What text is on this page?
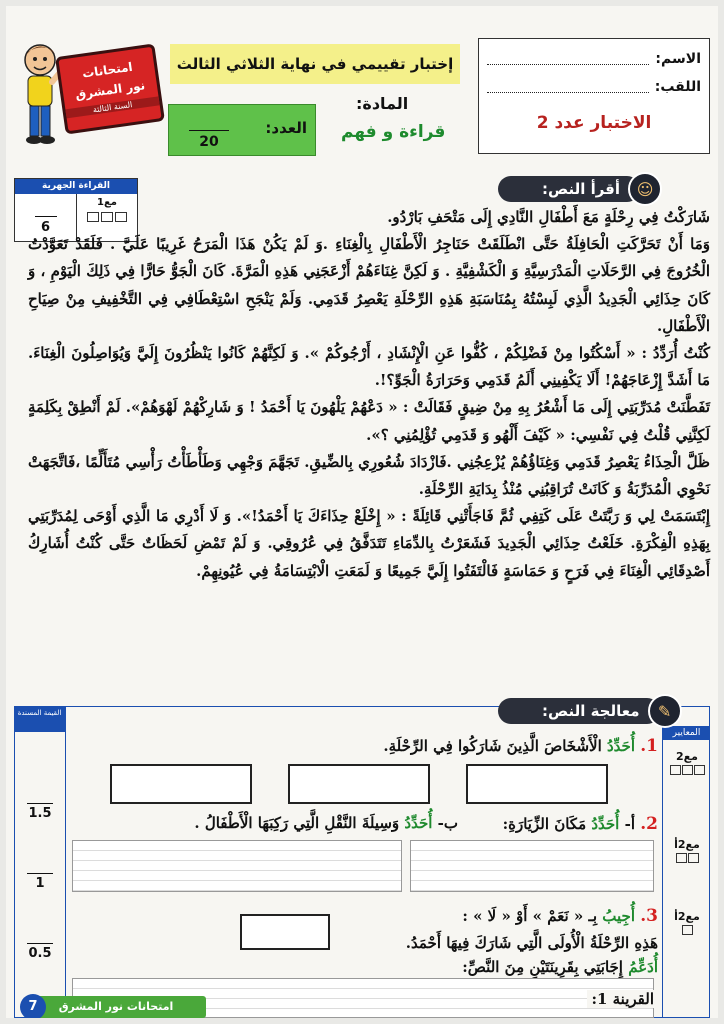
امتحانات
نور المشرق
السنة الثالثة
إختبار تقييمي في نهاية الثلاثي الثالث
المادة:
قراءة و فهم
العدد:

20
الاسم:
اللقب:
الاختبار عدد 2
☺
أقرأ النص:
القراءة الجهرية

6
مع1

شَارَكْتُ فِي رِحْلَةٍ مَعَ أَطْفَالِ النَّادِي إِلَى مَتْحَفِ بَارْدُو.

وَمَا أَنْ تَحَرَّكَتِ الْحَافِلَةُ حَتَّى انْطَلَقَتْ حَنَاجِرُ الْأَطْفَالِ بِالْغِنَاءِ .وَ لَمْ يَكُنْ هَذَا الْمَرَحُ غَرِيبًا عَلَيَّ . فَلَقَدْ تَعَوَّدْتُ الْخُرُوجَ فِي الرَّحَلَاتِ الْمَدْرَسِيَّةِ وَ الْكَشْفِيَّةِ . وَ لَكِنَّ غِنَاءَهُمْ أَزْعَجَنِي هَذِهِ الْمَرَّةَ. كَانَ الْجَوُّ حَارًّا فِي ذَلِكَ الْيَوْمِ ، وَ كَانَ حِذَائِي الْجَدِيدُ الَّذِي لَبِسْتُهُ بِمُنَاسَبَةِ هَذِهِ الرِّحْلَةِ يَعْصِرُ قَدَمِي. وَلَمْ يَنْجَحِ اسْتِعْطَافِي فِي التَّخْفِيفِ مِنْ صِيَاحِ الْأَطْفَالِ.

كُنْتُ أُرَدِّدُ : « أَسْكُتُوا مِنْ فَضْلِكُمْ ، كُفُّوا عَنِ الْإِنْشَادِ ، أَرْجُوكُمْ ». وَ لَكِنَّهُمْ كَانُوا يَنْظُرُونَ إِلَيَّ وَيُوَاصِلُونَ الْغِنَاءَ. مَا أَشَدَّ إِزْعَاجَهُمْ! أَلَا يَكْفِينِي أَلَمُ قَدَمِي وَحَرَارَةُ الْجَوِّ؟!.

تَفَطَّنَتْ مُدَرِّبَتِي إِلَى مَا أَشْعُرُ بِهِ مِنْ ضِيقٍ فَقَالَتْ : « دَعْهُمْ يَلْهُونَ يَا أَحْمَدُ ! وَ شَارِكْهُمْ لَهْوَهُمْ». لَمْ أَنْطِقْ بِكَلِمَةٍ لَكِنَّنِي قُلْتُ فِي نَفْسِي: « كَيْفَ أَلْهُو وَ قَدَمِي تُؤْلِمُنِي ؟».

ظَلَّ الْحِذَاءُ يَعْصِرُ قَدَمِي وَغِنَاؤُهُمْ يُزْعِجُنِي .فَازْدَادَ شُعُورِي بِالضِّيقِ. تَجَهَّمَ وَجْهِي وَطَأْطَأْتُ رَأْسِي مُتَأَلِّمًا ،فَاتَّجَهَتْ نَحْوِي الْمُدَرِّبَةُ وَ كَانَتْ تُرَاقِبُنِي مُنْذُ بِدَايَةِ الرِّحْلَةِ.

إِبْتَسَمَتْ لِي وَ رَبَّتَتْ عَلَى كَتِفِي ثُمَّ فَاجَأَتْنِي قَائِلَةً : « إِخْلَعْ حِذَاءَكَ يَا أَحْمَدُ!». وَ لَا أَدْرِي مَا الَّذِي أَوْحَى لِمُدَرِّبَتِي بِهَذِهِ الْفِكْرَةِ. خَلَعْتُ حِذَائِي الْجَدِيدَ فَشَعَرْتُ بِالدِّمَاءِ تَتَدَفَّقُ فِي عُرُوقِي. وَ لَمْ تَمْضِ لَحَظَاتٌ حَتَّى كُنْتُ أُشَارِكُ أَصْدِقَائِي الْغِنَاءَ فِي فَرَحٍ وَ حَمَاسَةٍ فَالْتَفَتُوا إِلَيَّ جَمِيعًا وَ لَمَعَتِ الْابْتِسَامَةُ فِي عُيُونِهِمْ.

✎
معالجة النص:
القيمة المسندة

1.5

1

0.5
المعايير
مع2
مع2أ
مع2أ
1. أُحَدِّدُ الْأَشْخَاصَ الَّذِينَ شَارَكُوا فِي الرِّحْلَةِ.
2. أ- أُحَدِّدُ مَكَانَ الزِّيَارَةِ:
ب- أُحَدِّدُ وَسِيلَةَ النَّقْلِ الَّتِي رَكِبَهَا الْأَطْفَالُ .
3. أُجِيبُ بِـ « نَعَمْ » أَوْ « لَا » :
هَذِهِ الرِّحْلَةُ الْأُولَى الَّتِي شَارَكَ فِيهَا أَحْمَدُ.
أُدَعِّمُ إِجَابَتِي بِقَرِينَتَيْنِ مِنَ النَّصِّ:
القرينة 1:
امتحانات نور المشرق
7
